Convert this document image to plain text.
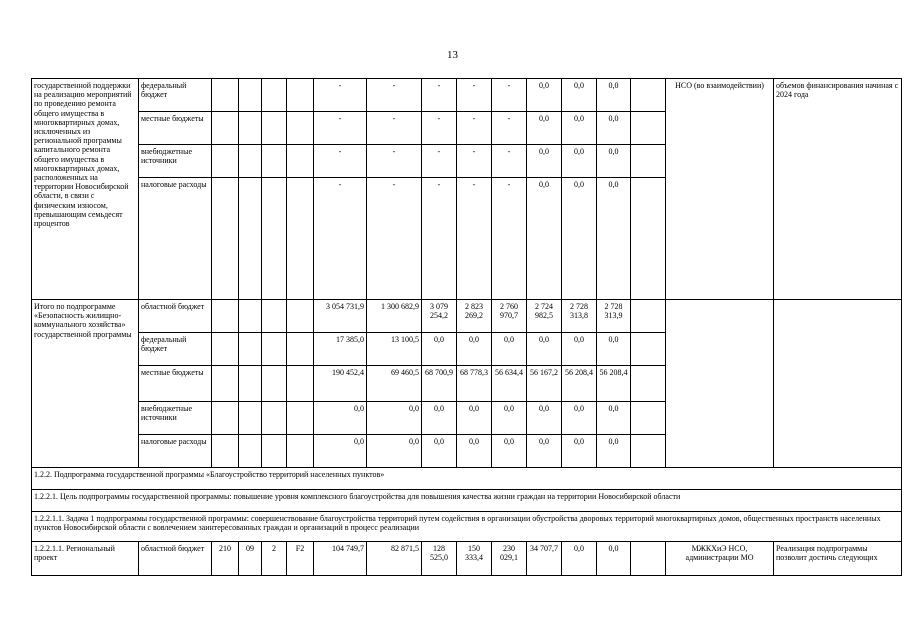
13
государственной поддержки на реализацию мероприятий по проведению ремонта общего имущества в многоквартирных домах, исключенных из региональной программы капитального ремонта общего имущества в многоквартирных домах, расположенных на территории Новосибирской области, в связи с физическим износом, превышающим семьдесят процентов	федеральный бюджет					-	-	-	-	-	0,0	0,0	0,0		НСО (во взаимодействии)	объемов финансирования начиная с 2024 года
	местные бюджеты					-	-	-	-	-	0,0	0,0	0,0			
	внебюджетные источники					-	-	-	-	-	0,0	0,0	0,0			
	налоговые расходы					-	-	-	-	-	0,0	0,0	0,0			
Итого по подпрограмме «Безопасность жилищно-коммунального хозяйства» государственной программы	областной бюджет					3 054 731,9	1 300 682,9	3 079 254,2	2 823 269,2	2 760 970,7	2 724 982,5	2 728 313,8	2 728 313,9			
	федеральный бюджет					17 385,0	13 100,5	0,0	0,0	0,0	0,0	0,0	0,0			
	местные бюджеты					190 452,4	69 460,5	68 700,9	68 778,3	56 634,4	56 167,2	56 208,4	56 208,4			
	внебюджетные источники					0,0	0,0	0,0	0,0	0,0	0,0	0,0	0,0			
	налоговые расходы					0,0	0,0	0,0	0,0	0,0	0,0	0,0	0,0			
1.2.2. Подпрограмма государственной программы «Благоустройство территорий населенных пунктов»																
1.2.2.1. Цель подпрограммы государственной программы: повышение уровня комплексного благоустройства для повышения качества жизни граждан на территории Новосибирской области																
1.2.2.1.1. Задача 1 подпрограммы государственной программы: совершенствование благоустройства территорий путем содействия в организации обустройства дворовых территорий многоквартирных домов, общественных пространств населенных пунктов Новосибирской области с вовлечением заинтересованных граждан и организаций в процесс реализации																
1.2.2.1.1. Региональный проект	областной бюджет	210	09	2	F2	104 749,7	82 871,5	128 525,0	150 333,4	230 029,1	34 707,7	0,0	0,0		МЖКХиЭ НСО, администрации МО	Реализация подпрограммы позволит достичь следующих
